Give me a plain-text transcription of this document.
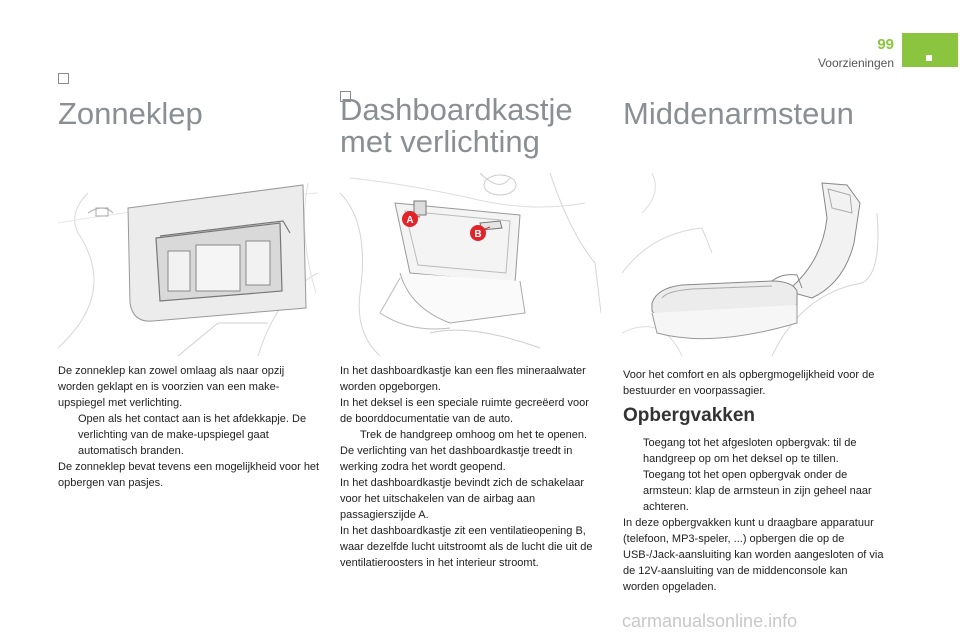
99
Voorzieningen
Zonneklep	Dashboardkastje
met verlichting
Middenarmsteun
A
B

De zonneklep kan zowel omlaag als naar opzij worden geklapt en is voorzien van een make-upspiegel met verlichting.

Open als het contact aan is het afdekkapje. De verlichting van de make-upspiegel gaat automatisch branden.

De zonneklep bevat tevens een mogelijkheid voor het opbergen van pasjes.

In het dashboardkastje kan een fles mineraalwater worden opgeborgen.

In het deksel is een speciale ruimte gecreëerd voor de boorddocumentatie van de auto.

Trek de handgreep omhoog om het te openen.

De verlichting van het dashboardkastje treedt in werking zodra het wordt geopend.

In het dashboardkastje bevindt zich de schakelaar voor het uitschakelen van de airbag aan passagierszijde A.

In het dashboardkastje zit een ventilatieopening B, waar dezelfde lucht uitstroomt als de lucht die uit de ventilatieroosters in het interieur stroomt.

Voor het comfort en als opbergmogelijkheid voor de bestuurder en voorpassagier.

Opbergvakken

Toegang tot het afgesloten opbergvak: til de handgreep op om het deksel op te tillen.

Toegang tot het open opbergvak onder de armsteun: klap de armsteun in zijn geheel naar achteren.

In deze opbergvakken kunt u draagbare apparatuur (telefoon, MP3-speler, ...) opbergen die op de USB-/Jack-aansluiting kan worden aangesloten of via de 12V-aansluiting van de middenconsole kan worden opgeladen.

carmanualsonline.info
